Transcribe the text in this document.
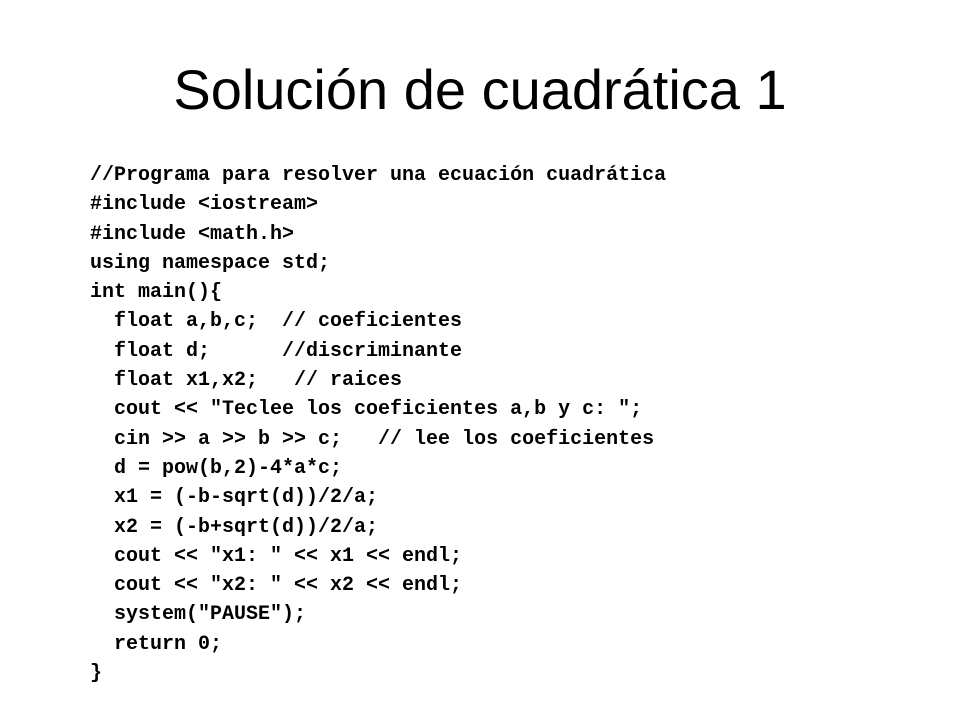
Solución de cuadrática 1
//Programa para resolver una ecuación cuadrática
#include <iostream>
#include <math.h>
using namespace std;
int main(){
float a,b,c;  // coeficientes
float d;      //discriminante
float x1,x2;   // raices
cout << "Teclee los coeficientes a,b y c: ";
cin >> a >> b >> c;   // lee los coeficientes
d = pow(b,2)-4*a*c;
x1 = (-b-sqrt(d))/2/a;
x2 = (-b+sqrt(d))/2/a;
cout << "x1: " << x1 << endl;
cout << "x2: " << x2 << endl;
system("PAUSE");
return 0;
}
